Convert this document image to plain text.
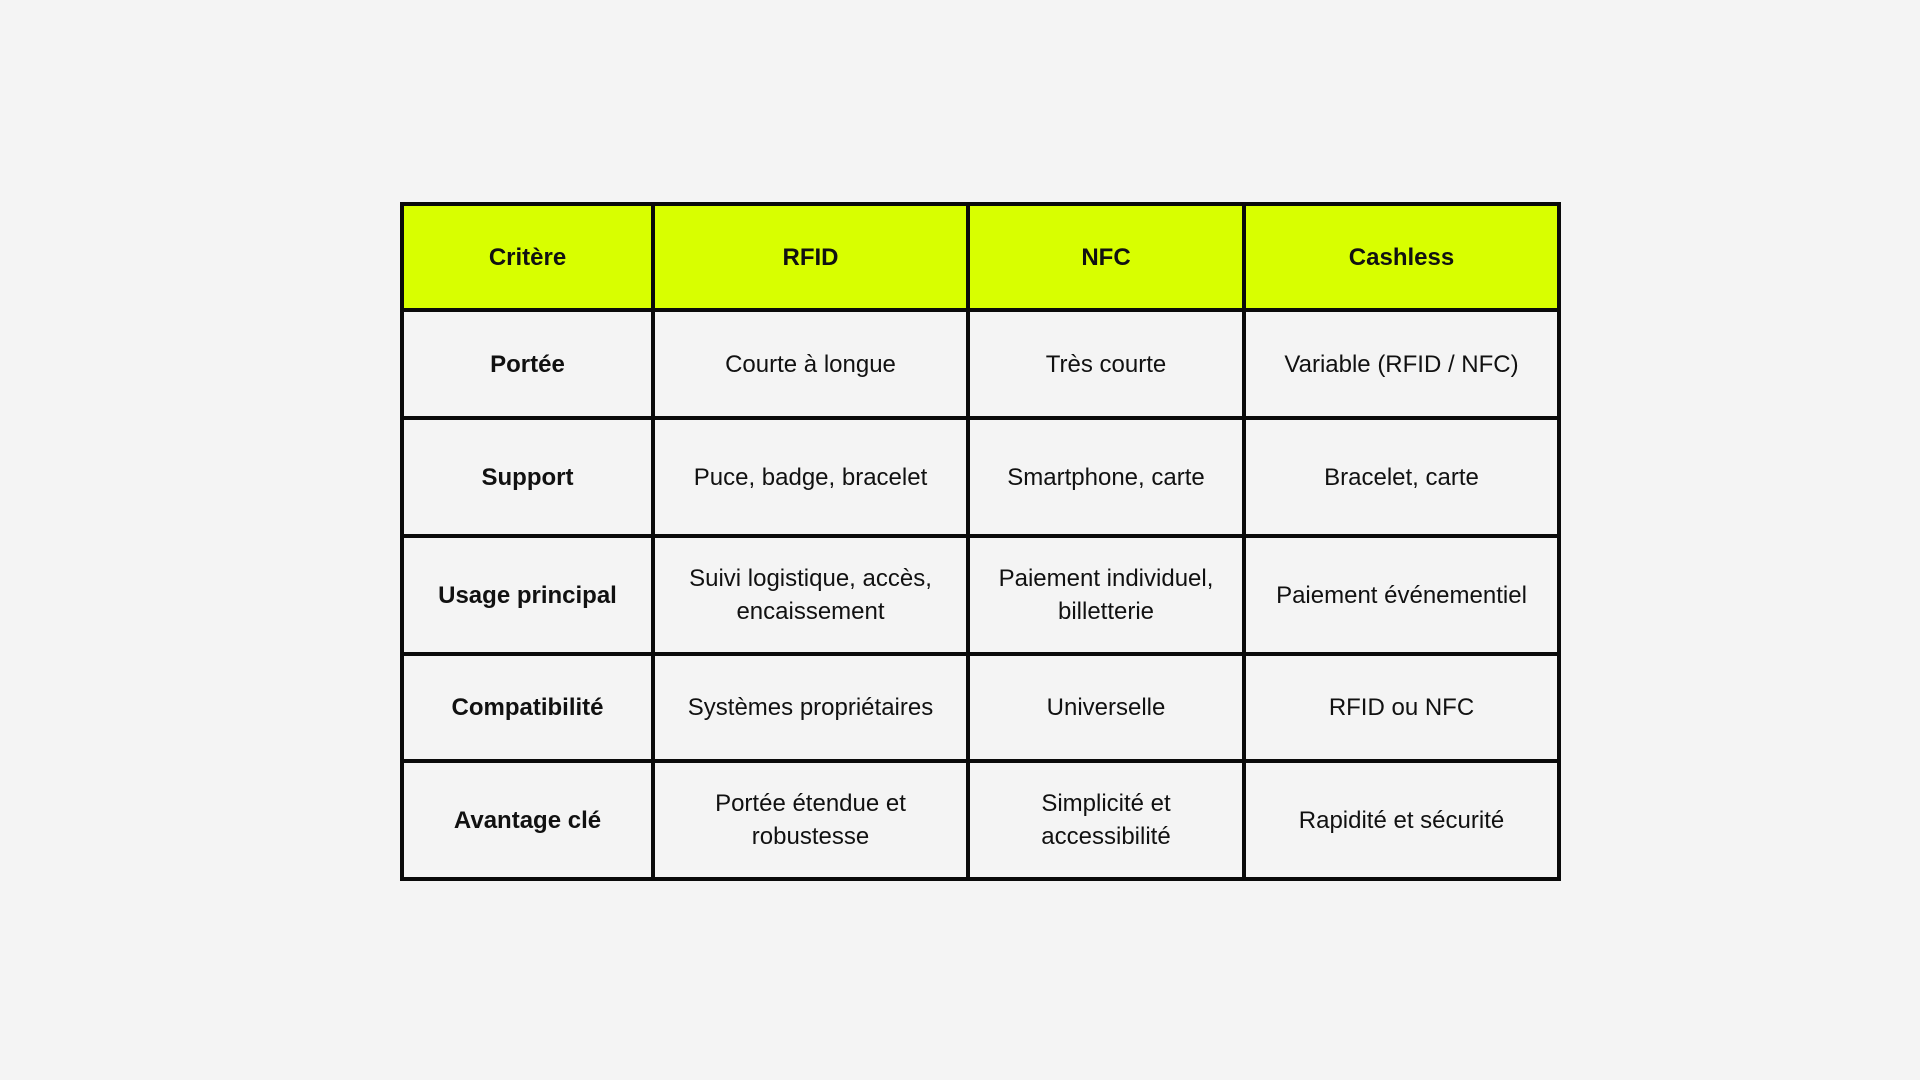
Critère	RFID	NFC	Cashless
Portée	Courte à longue	Très courte	Variable (RFID / NFC)
Support	Puce, badge, bracelet	Smartphone, carte	Bracelet, carte
Usage principal	Suivi logistique, accès, encaissement	Paiement individuel, billetterie	Paiement événementiel
Compatibilité	Systèmes propriétaires	Universelle	RFID ou NFC
Avantage clé	Portée étendue et robustesse	Simplicité et accessibilité	Rapidité et sécurité
